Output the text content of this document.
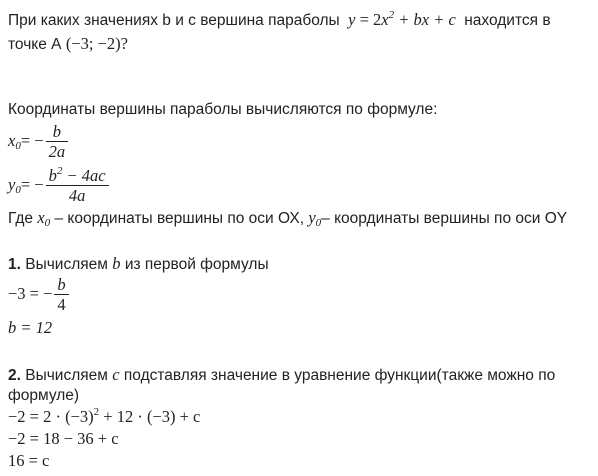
При каких значениях b и с вершина параболы $y = 2x^2$ + bx + c находится в
точке А (−3; −2)?
Координаты вершины параболы вычисляются по формуле:
$x_0$ = − $\frac{b}{2a}$
$y_0$ = − $\frac{b^2 - 4ac}{4a}$
Где $x_0$ – координаты вершины по оси ОХ, $y_0-$ координаты вершины по оси ОY
1. Вычисляем b из первой формулы
−3 = − $\frac{b}{4}$
b = 12
2. Вычисляем c подставляя значение в уравнение функции(также можно по
формуле)
$-2 = 2 \cdot (-3)^2 + 12 \cdot (-3) + c$
−2 = 18 − 36 + c
16 = c
